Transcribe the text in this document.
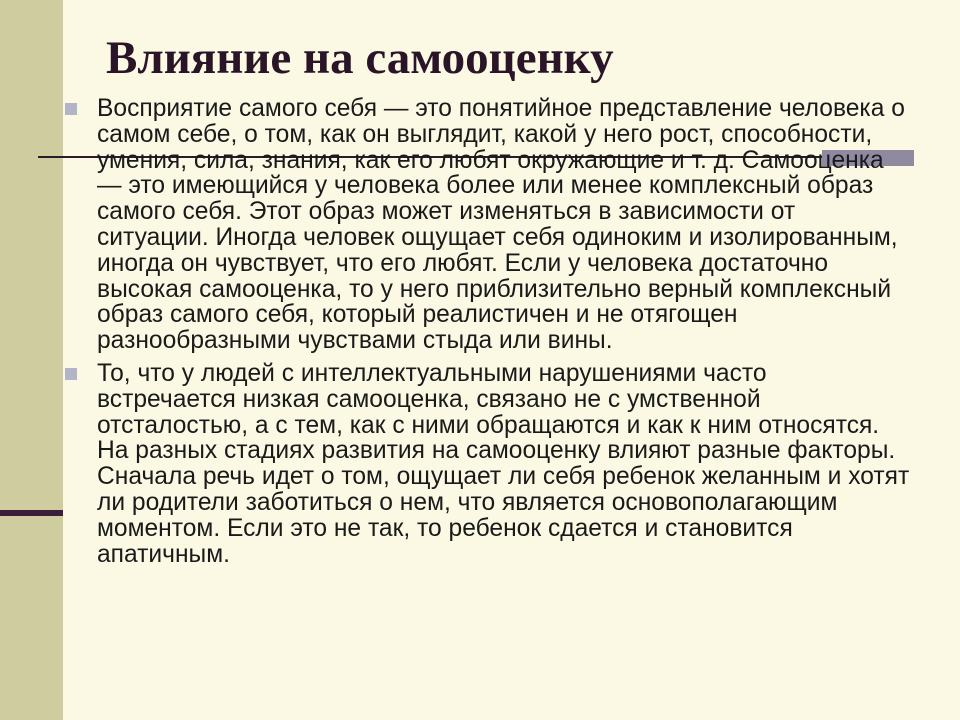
Влияние на самооценку
Восприятие самого себя — это понятийное представление человека о самом себе, о том, как он выглядит, какой у него рост, способности, умения, сила, знания, как его любят окружающие и т. д. Самооценка — это имеющийся у человека более или менее комплексный образ самого себя. Этот образ может изменяться в зависимости от ситуации. Иногда человек ощущает себя одиноким и изолированным, иногда он чувствует, что его любят. Если у человека достаточно высокая самооценка, то у него приблизительно верный комплексный образ самого себя, который реалистичен и не отягощен разнообразными чувствами стыда или вины.
То, что у людей с интеллектуальными нарушениями часто встречается низкая самооценка, связано не с умственной отсталостью, а с тем, как с ними обращаются и как к ним относятся. На разных стадиях развития на самооценку влияют разные факторы. Сначала речь идет о том, ощущает ли себя ребенок желанным и хотят ли родители заботиться о нем, что является основополагающим моментом. Если это не так, то ребенок сдается и становится апатичным.
